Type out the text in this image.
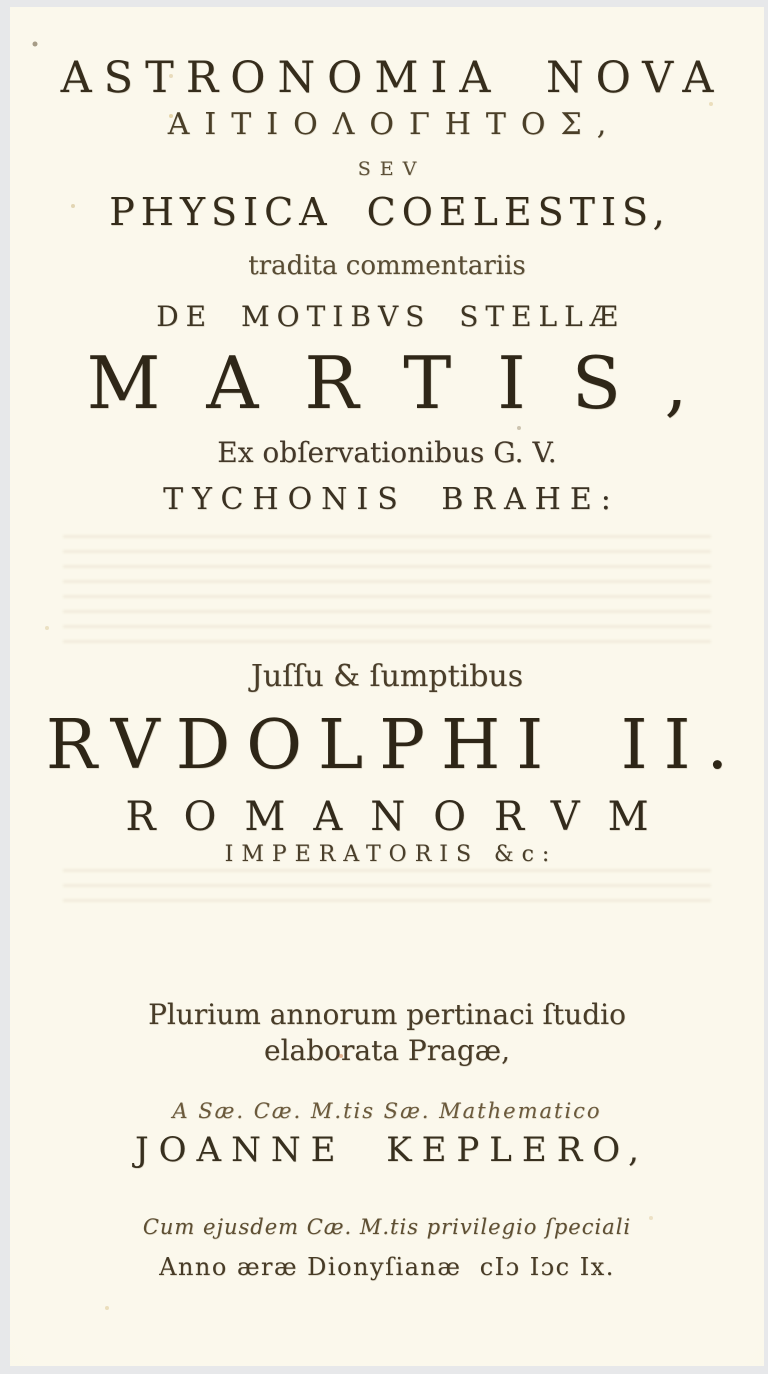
ASTRONOMIA NOVA
ΑΙΤΙΟΛΟΓΗΤΟΣ,
SEV
PHYSICA COELESTIS,
tradita commentariis
DE MOTIBVS STELLÆ
MARTIS,
Ex obſervationibus G. V.
TYCHONIS BRAHE:
Juſſu & ſumptibus
RVDOLPHI II.
ROMANORVM
IMPERATORIS &c:
Plurium annorum pertinaci ſtudio
elaborata Pragæ,
A Sæ. Cæ. M.tis Sæ. Mathematico
JOANNE KEPLERO,
Cum ejusdem Cæ. M.tis privilegio ſpeciali
Anno æræ Dionyſianæ  cIɔ Iɔc Ix.
